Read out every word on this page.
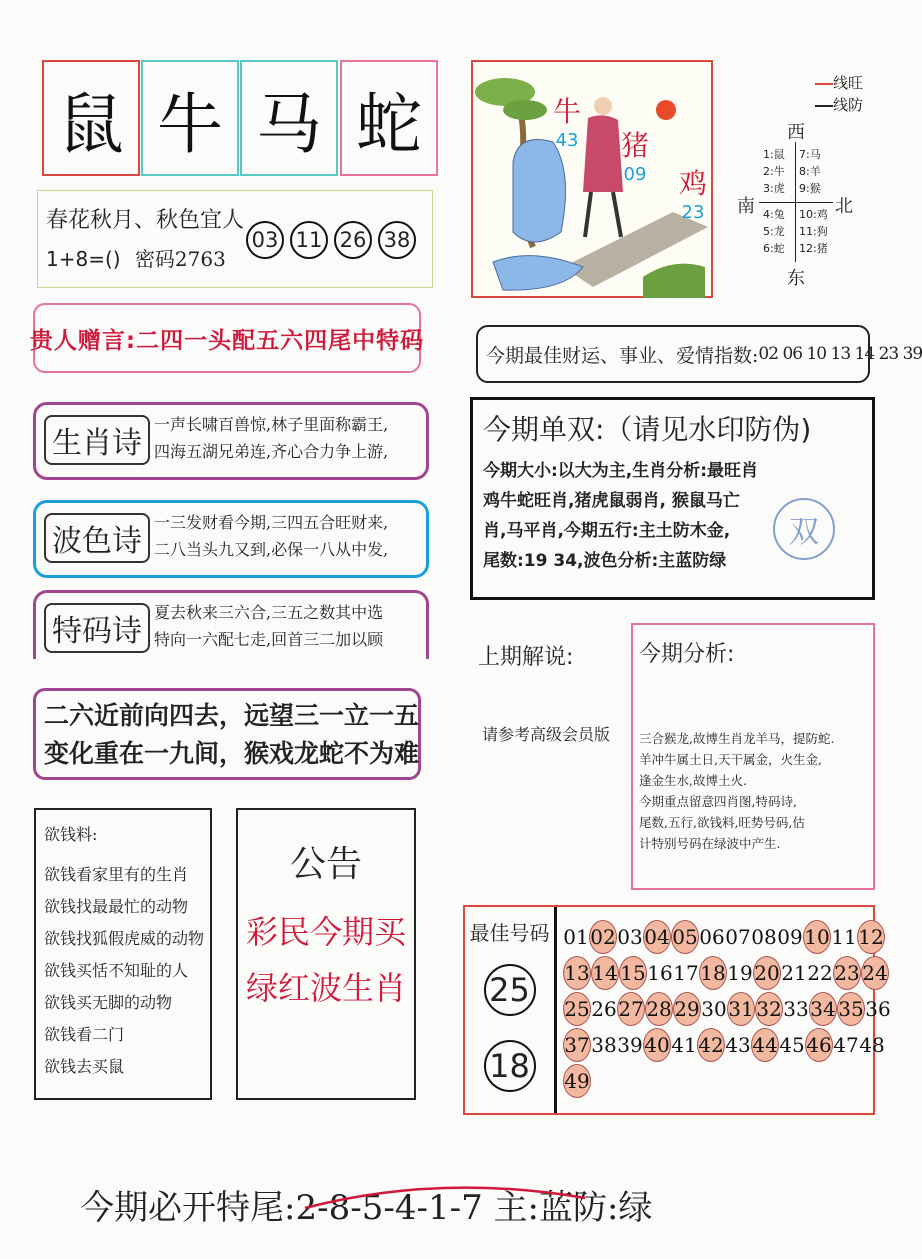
鼠 牛 马 蛇
春花秋月、秋色宜人
1+8=() 密码2763
03 11 26 38
贵人赠言:二四一头配五六四尾中特码
生肖诗
一声长啸百兽惊,林子里面称霸王,
四海五湖兄弟连,齐心合力争上游,
波色诗
一三发财看今期,三四五合旺财来,
二八当头九又到,必保一八从中发,
特码诗
夏去秋来三六合,三五之数其中选
特向一六配七走,回首三二加以顾
二六近前向四去，远望三一立一五
变化重在一九间，猴戏龙蛇不为难
欲钱料:
欲钱看家里有的生肖
欲钱找最最忙的动物
欲钱找狐假虎威的动物
欲钱买恬不知耻的人
欲钱买无脚的动物
欲钱看二门
欲钱去买鼠
公告
彩民今期买
绿红波生肖
牛
43 猪
09 鸡
23
线旺
线防
西
南	北
东
1:鼠
2:牛
3:虎
7:马
8:羊
9:猴
4:兔
5:龙
6:蛇
10:鸡
11:狗
12:猪
今期最佳财运、事业、爱情指数: 02 06 10 13 14 23 39
今期单双:（请见水印防伪)
今期大小:以大为主,生肖分析:最旺肖
鸡牛蛇旺肖,猪虎鼠弱肖, 猴鼠马亡
肖,马平肖,今期五行:主土防木金,
尾数:19 34,波色分析:主蓝防绿
双
上期解说:
请参考高级会员版
今期分析:
三合猴龙,故博生肖龙羊马，提防蛇.
羊冲牛属土日,天干属金，火生金,
逢金生水,故博土火.
今期重点留意四肖图,特码诗,
尾数,五行,欲钱料,旺势号码,估
计特别号码在绿波中产生.
最佳号码
25
18
01020304 0506070809101112
13 14 151617181920212223 24
252627 28 293031 323334 3536
373839404142434445464748
49
今期必开特尾:2-8-5-4-1-7 主:蓝防:绿
